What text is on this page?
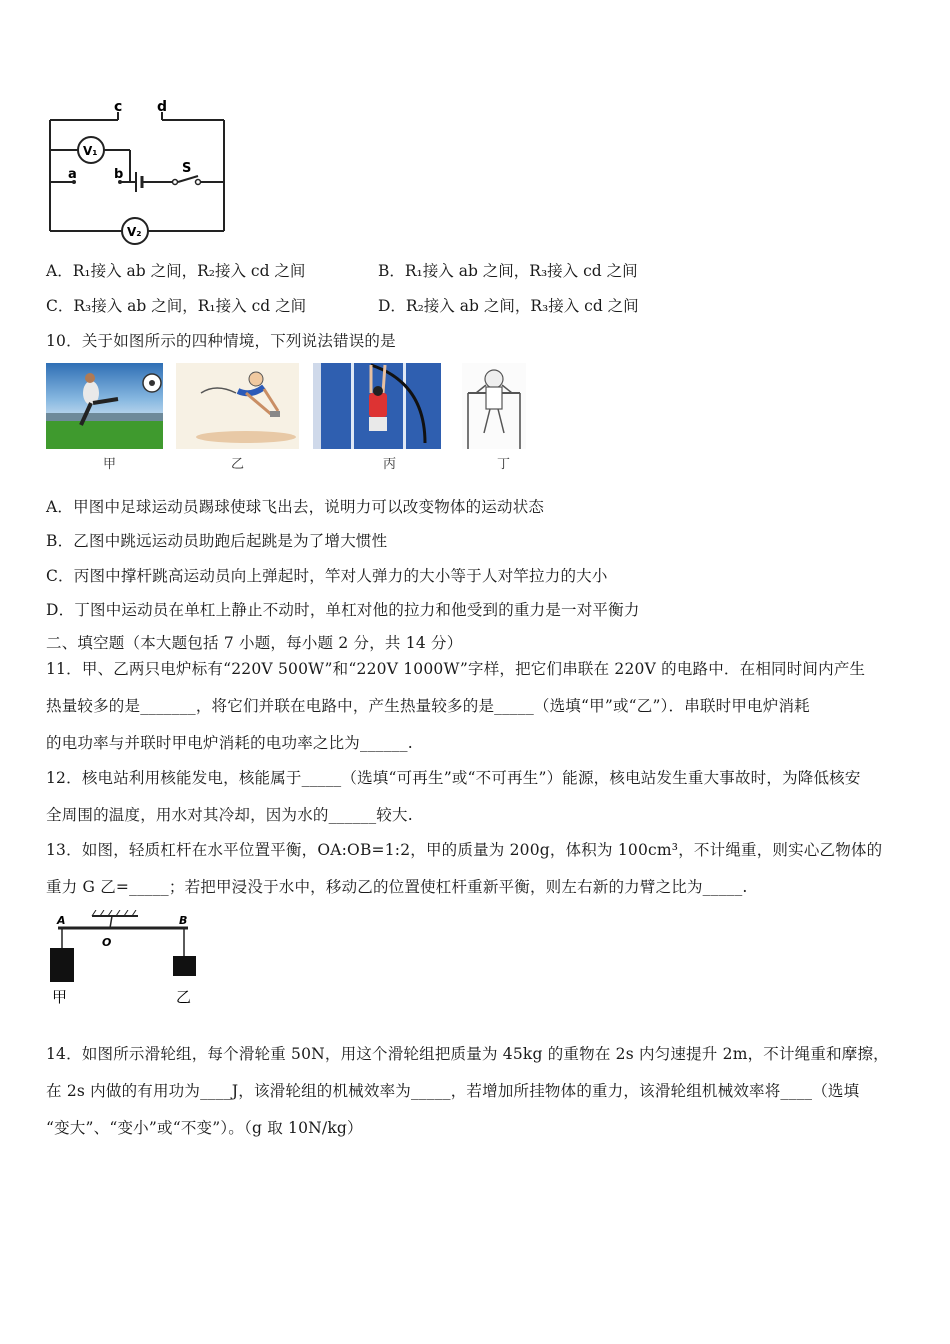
c d
a	b	S
V₁
V₂
A．R₁接入 ab 之间，R₂接入 cd 之间	B．R₁接入 ab 之间，R₃接入 cd 之间
C．R₃接入 ab 之间，R₁接入 cd 之间	D．R₂接入 ab 之间，R₃接入 cd 之间
10．关于如图所示的四种情境，下列说法错误的是
甲	乙	丙	丁
A．甲图中足球运动员踢球使球飞出去，说明力可以改变物体的运动状态
B．乙图中跳远运动员助跑后起跳是为了增大惯性
C．丙图中撑杆跳高运动员向上弹起时，竿对人弹力的大小等于人对竿拉力的大小
D．丁图中运动员在单杠上静止不动时，单杠对他的拉力和他受到的重力是一对平衡力
二、填空题（本大题包括 7 小题，每小题 2 分，共 14 分）
11．甲、乙两只电炉标有“220V 500W”和“220V 1000W”字样，把它们串联在 220V 的电路中．在相同时间内产生
热量较多的是_______，将它们并联在电路中，产生热量较多的是_____（选填“甲”或“乙”）．串联时甲电炉消耗
的电功率与并联时甲电炉消耗的电功率之比为______.
12．核电站利用核能发电，核能属于_____（选填“可再生”或“不可再生”）能源，核电站发生重大事故时，为降低核安
全周围的温度，用水对其冷却，因为水的______较大.
13．如图，轻质杠杆在水平位置平衡，OA:OB=1:2，甲的质量为 200g，体积为 100cm³，不计绳重，则实心乙物体的
重力 G 乙=_____；若把甲浸没于水中，移动乙的位置使杠杆重新平衡，则左右新的力臂之比为_____.
A
O
B
甲	乙
14．如图所示滑轮组，每个滑轮重 50N，用这个滑轮组把质量为 45kg 的重物在 2s 内匀速提升 2m，不计绳重和摩擦，
在 2s 内做的有用功为____J，该滑轮组的机械效率为_____，若增加所挂物体的重力，该滑轮组机械效率将____（选填
“变大”、“变小”或“不变”）。（g 取 10N/kg）
